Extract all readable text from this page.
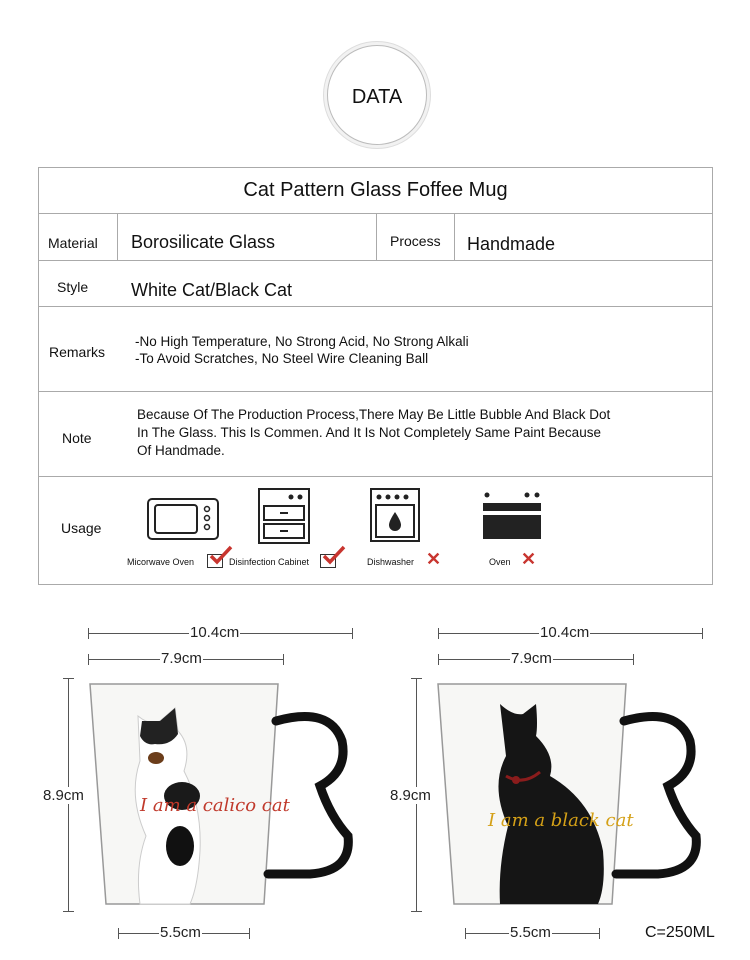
DATA
Cat Pattern Glass Foffee Mug
Material Borosilicate Glass	Process Handmade
Style White Cat/Black Cat
Remarks
-No High Temperature, No Strong Acid, No Strong Alkali
-To Avoid Scratches, No Steel Wire Cleaning Ball
Note
Because Of The Production Process,There May Be Little Bubble And Black Dot
In The Glass. This Is Commen. And It Is Not Completely Same Paint Because
Of Handmade.
Usage
Micorwave Oven	Disinfection Cabinet	Dishwasher ✕	Oven ✕
10.4cm
7.9cm
8.9cm
5.5cm
I am a calico cat
10.4cm
7.9cm
8.9cm
5.5cm
I am a black cat
C=250ML
